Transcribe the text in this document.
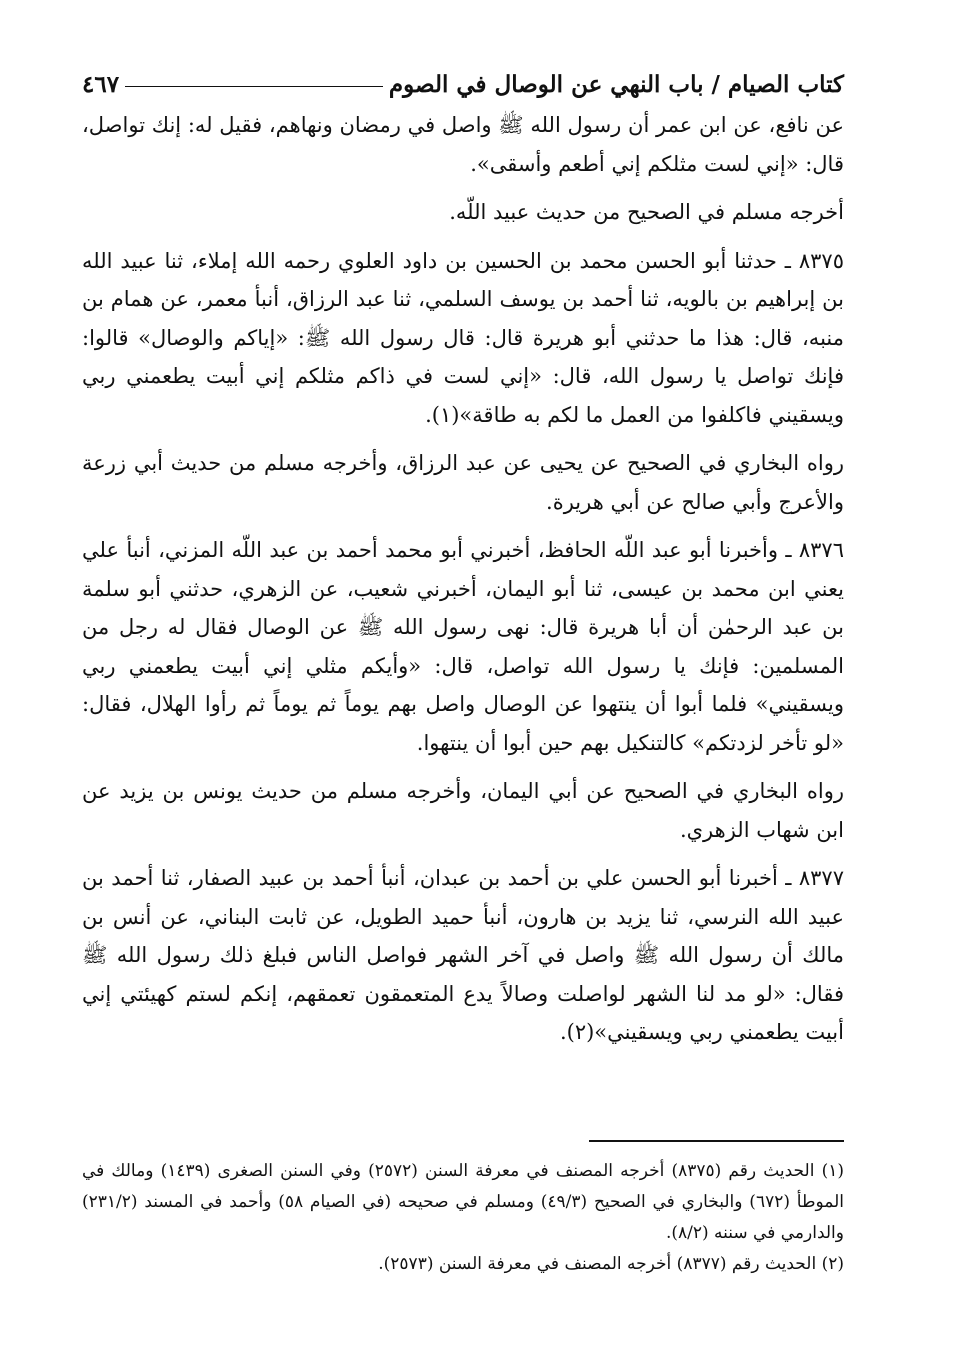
كتاب الصيام / باب النهي عن الوصال في الصوم
٤٦٧

عن نافع، عن ابن عمر أن رسول الله ﷺ واصل في رمضان ونهاهم، فقيل له: إنك تواصل، قال: «إني لست مثلكم إني أطعم وأسقى».

أخرجه مسلم في الصحيح من حديث عبيد اللّه.

٨٣٧٥ ـ حدثنا أبو الحسن محمد بن الحسين بن داود العلوي رحمه الله إملاء، ثنا عبيد الله بن إبراهيم بن بالويه، ثنا أحمد بن يوسف السلمي، ثنا عبد الرزاق، أنبأ معمر، عن همام بن منبه، قال: هذا ما حدثني أبو هريرة قال: قال رسول الله ﷺ: «إياكم والوصال» قالوا: فإنك تواصل يا رسول الله، قال: «إني لست في ذاكم مثلكم إني أبيت يطعمني ربي ويسقيني فاكلفوا من العمل ما لكم به طاقة»(١).

رواه البخاري في الصحيح عن يحيى عن عبد الرزاق، وأخرجه مسلم من حديث أبي زرعة والأعرج وأبي صالح عن أبي هريرة.

٨٣٧٦ ـ وأخبرنا أبو عبد اللّه الحافظ، أخبرني أبو محمد أحمد بن عبد اللّه المزني، أنبأ علي يعني ابن محمد بن عيسى، ثنا أبو اليمان، أخبرني شعيب، عن الزهري، حدثني أبو سلمة بن عبد الرحمٰن أن أبا هريرة قال: نهى رسول الله ﷺ عن الوصال فقال له رجل من المسلمين: فإنك يا رسول الله تواصل، قال: «وأيكم مثلي إني أبيت يطعمني ربي ويسقيني» فلما أبوا أن ينتهوا عن الوصال واصل بهم يوماً ثم يوماً ثم رأوا الهلال، فقال: «لو تأخر لزدتكم» كالتنكيل بهم حين أبوا أن ينتهوا.

رواه البخاري في الصحيح عن أبي اليمان، وأخرجه مسلم من حديث يونس بن يزيد عن ابن شهاب الزهري.

٨٣٧٧ ـ أخبرنا أبو الحسن علي بن أحمد بن عبدان، أنبأ أحمد بن عبيد الصفار، ثنا أحمد بن عبيد الله النرسي، ثنا يزيد بن هارون، أنبأ حميد الطويل، عن ثابت البناني، عن أنس بن مالك أن رسول الله ﷺ واصل في آخر الشهر فواصل الناس فبلغ ذلك رسول الله ﷺ فقال: «لو مد لنا الشهر لواصلت وصالاً يدع المتعمقون تعمقهم، إنكم لستم كهيئتي إني أبيت يطعمني ربي ويسقيني»(٢).

(١) الحديث رقم (٨٣٧٥) أخرجه المصنف في معرفة السنن (٢٥٧٢) وفي السنن الصغرى (١٤٣٩) ومالك في الموطأ (٦٧٢) والبخاري في الصحيح (٤٩/٣) ومسلم في صحيحه (في الصيام ٥٨) وأحمد في المسند (٢٣١/٢) والدارمي في سننه (٨/٢).
(٢) الحديث رقم (٨٣٧٧) أخرجه المصنف في معرفة السنن (٢٥٧٣).
